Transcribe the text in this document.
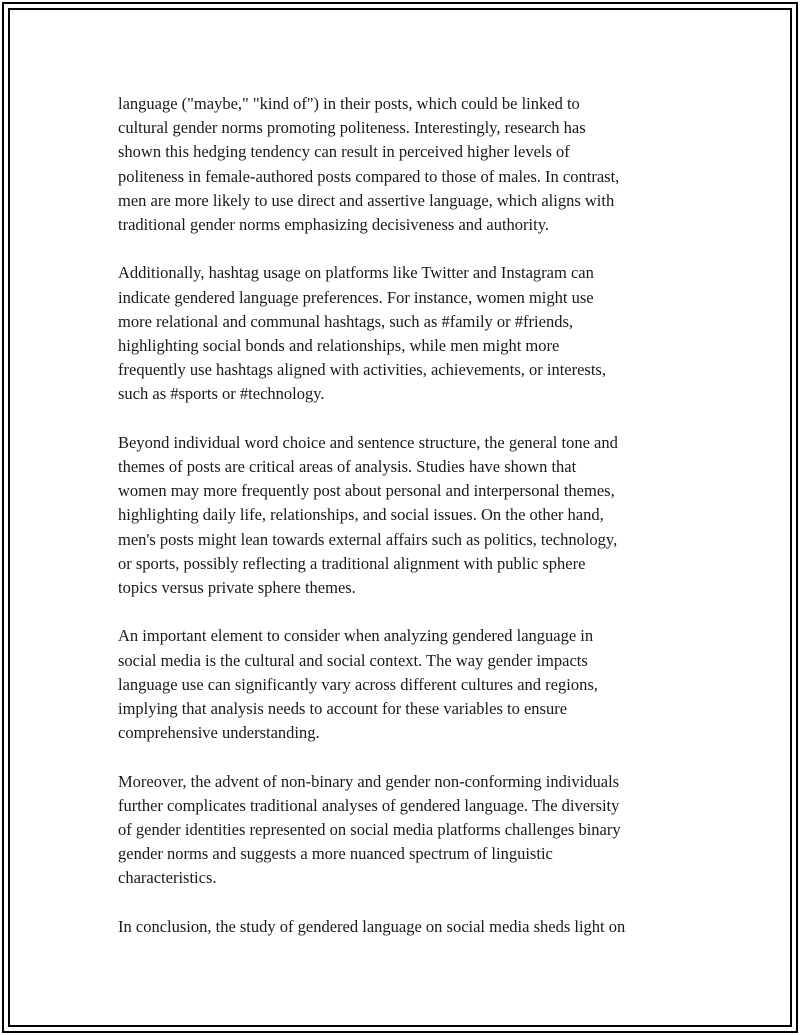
language ("maybe," "kind of") in their posts, which could be linked to
cultural gender norms promoting politeness. Interestingly, research has
shown this hedging tendency can result in perceived higher levels of
politeness in female-authored posts compared to those of males. In contrast,
men are more likely to use direct and assertive language, which aligns with
traditional gender norms emphasizing decisiveness and authority.

Additionally, hashtag usage on platforms like Twitter and Instagram can
indicate gendered language preferences. For instance, women might use
more relational and communal hashtags, such as #family or #friends,
highlighting social bonds and relationships, while men might more
frequently use hashtags aligned with activities, achievements, or interests,
such as #sports or #technology.

Beyond individual word choice and sentence structure, the general tone and
themes of posts are critical areas of analysis. Studies have shown that
women may more frequently post about personal and interpersonal themes,
highlighting daily life, relationships, and social issues. On the other hand,
men's posts might lean towards external affairs such as politics, technology,
or sports, possibly reflecting a traditional alignment with public sphere
topics versus private sphere themes.

An important element to consider when analyzing gendered language in
social media is the cultural and social context. The way gender impacts
language use can significantly vary across different cultures and regions,
implying that analysis needs to account for these variables to ensure
comprehensive understanding.

Moreover, the advent of non-binary and gender non-conforming individuals
further complicates traditional analyses of gendered language. The diversity
of gender identities represented on social media platforms challenges binary
gender norms and suggests a more nuanced spectrum of linguistic
characteristics.

In conclusion, the study of gendered language on social media sheds light on
